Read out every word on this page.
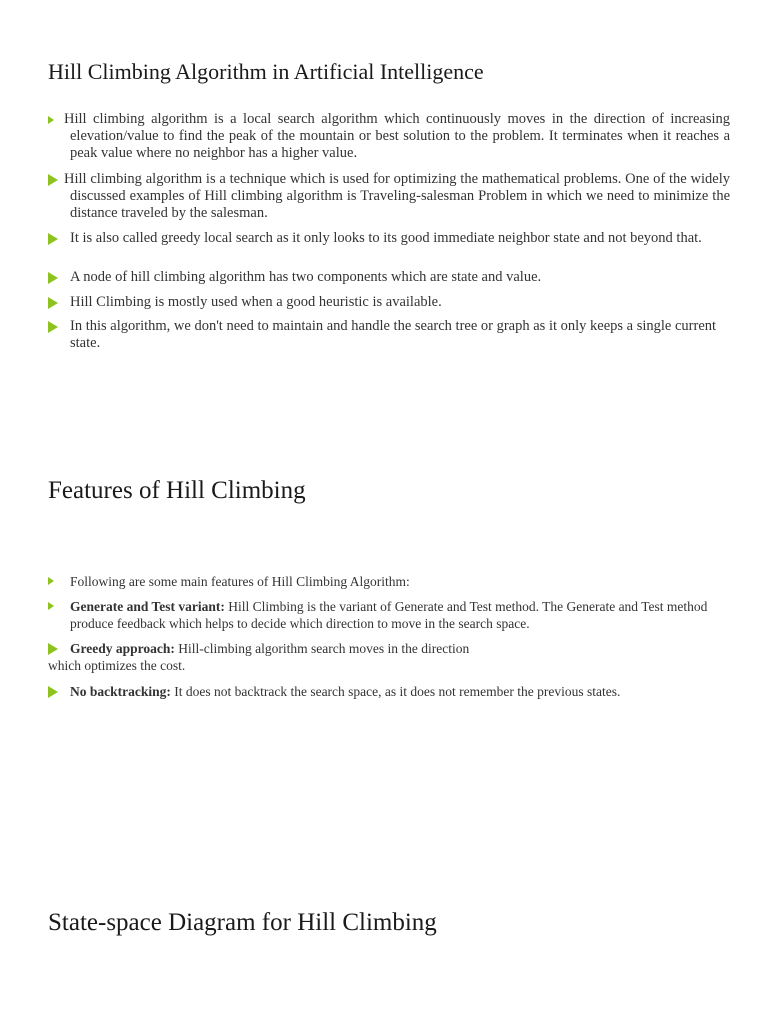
Hill Climbing Algorithm in Artificial Intelligence
Hill climbing algorithm is a local search algorithm which continuously moves in the direction of increasing elevation/value to find the peak of the mountain or best solution to the problem. It terminates when it reaches a peak value where no neighbor has a higher value.
Hill climbing algorithm is a technique which is used for optimizing the mathematical problems. One of the widely discussed examples of Hill climbing algorithm is Traveling-salesman Problem in which we need to minimize the distance traveled by the salesman.
It is also called greedy local search as it only looks to its good immediate neighbor state and not beyond that.
A node of hill climbing algorithm has two components which are state and value.
Hill Climbing is mostly used when a good heuristic is available.
In this algorithm, we don't need to maintain and handle the search tree or graph as it only keeps a single current state.
Features of Hill Climbing
Following are some main features of Hill Climbing Algorithm:
Generate and Test variant: Hill Climbing is the variant of Generate and Test method. The Generate and Test method produce feedback which helps to decide which direction to move in the search space.
Greedy approach: Hill-climbing algorithm search moves in the direction
which optimizes the cost.
No backtracking: It does not backtrack the search space, as it does not remember the previous states.
State-space Diagram for Hill Climbing
